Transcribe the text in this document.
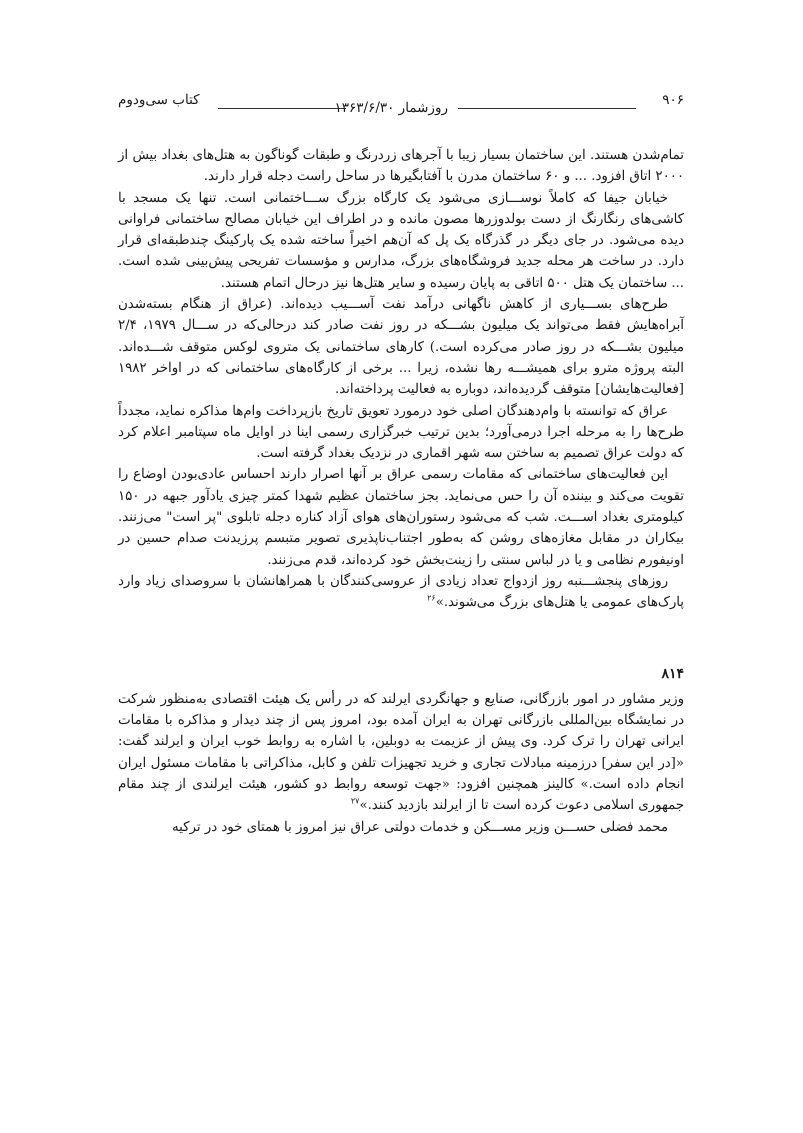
۹۰۶
روزشمار ۱۳۶۳/۶/۳۰
کتاب سی‌ودوم

تمام‌شدن هستند. این ساختمان بسیار زیبا با آجرهای زردرنگ و طبقات گوناگون به هتل‌های بغداد بیش از ۲۰۰۰ اتاق افزود. ... و ۶۰ ساختمان مدرن با آفتابگیرها در ساحل راست دجله قرار دارند.

خیابان جیفا که کاملاً نوســـازی می‌شود یک کارگاه بزرگ ســـاختمانی است. تنها یک مسجد با کاشی‌های رنگارنگ از دست بولدوزرها مصون مانده و در اطراف این خیابان مصالح ساختمانی فراوانی دیده می‌شود. در جای دیگر در گذرگاه یک پل که آن‌هم اخیراً ساخته شده یک پارکینگ چندطبقه‌ای قرار دارد. در ساخت هر محله جدید فروشگاه‌های بزرگ، مدارس و مؤسسات تفریحی پیش‌بینی شده است. ... ساختمان یک هتل ۵۰۰ اتاقی به پایان رسیده و سایر هتل‌ها نیز درحال اتمام هستند.

طرح‌های بســـیاری از کاهش ناگهانی درآمد نفت آســـیب دیده‌اند. (عراق از هنگام بسته‌شدن آبراه‌هایش فقط می‌تواند یک میلیون بشـــکه در روز نفت صادر کند درحالی‌که در ســـال ۱۹۷۹، ۲/۴ میلیون بشـــکه در روز صادر می‌کرده است.) کارهای ساختمانی یک متروی لوکس متوقف شـــده‌اند. البته پروژه مترو برای همیشـــه رها نشده، زیرا ... برخی از کارگاه‌های ساختمانی که در اواخر ۱۹۸۲ [فعالیت‌هایشان] متوقف گردیده‌اند، دوباره به فعالیت پرداخته‌اند.

عراق که توانسته با وام‌دهندگان اصلی خود درمورد تعویق تاریخ بازپرداخت وام‌ها مذاکره نماید، مجدداً طرح‌ها را به مرحله اجرا درمی‌آورد؛ بدین ترتیب خبرگزاری رسمی اینا در اوایل ماه سپتامبر اعلام کرد که دولت عراق تصمیم به ساختن سه شهر اقماری در نزدیک بغداد گرفته است.

این فعالیت‌های ساختمانی که مقامات رسمی عراق بر آنها اصرار دارند احساس عادی‌بودن اوضاع را تقویت می‌کند و بیننده آن را حس می‌نماید. بجز ساختمان عظیم شهدا کمتر چیزی یادآور جبهه در ۱۵۰ کیلومتری بغداد اســـت. شب که می‌شود رستوران‌های هوای آزاد کناره دجله تابلوی "پر است" می‌زنند. بیکاران در مقابل مغازه‌های روشن که به‌طور اجتناب‌ناپذیری تصویر متبسم پرزیدنت صدام حسین در اونیفورم نظامی و یا در لباس سنتی را زینت‌بخش خود کرده‌اند، قدم می‌زنند.

روزهای پنجشـــنبه روز ازدواج تعداد زیادی از عروسی‌کنندگان با همراهانشان با سروصدای زیاد وارد پارک‌های عمومی یا هتل‌های بزرگ می‌شوند.»$^{۲۶}$

۸۱۴

وزیر مشاور در امور بازرگانی، صنایع و جهانگردی ایرلند که در رأس یک هیئت اقتصادی به‌منظور شرکت در نمایشگاه بین‌المللی بازرگانی تهران به ایران آمده بود، امروز پس از چند دیدار و مذاکره با مقامات ایرانی تهران را ترک کرد. وی پیش از عزیمت به دوبلین، با اشاره به روابط خوب ایران و ایرلند گفت: «[در این سفر] درزمینه مبادلات تجاری و خرید تجهیزات تلفن و کابل، مذاکراتی با مقامات مسئول ایران انجام داده است.» کالینز همچنین افزود: «جهت توسعه روابط دو کشور، هیئت ایرلندی از چند مقام جمهوری اسلامی دعوت کرده است تا از ایرلند بازدید کنند.»$^{۲۷}$

محمد فضلی حســـن وزیر مســـکن و خدمات دولتی عراق نیز امروز با همتای خود در ترکیه
